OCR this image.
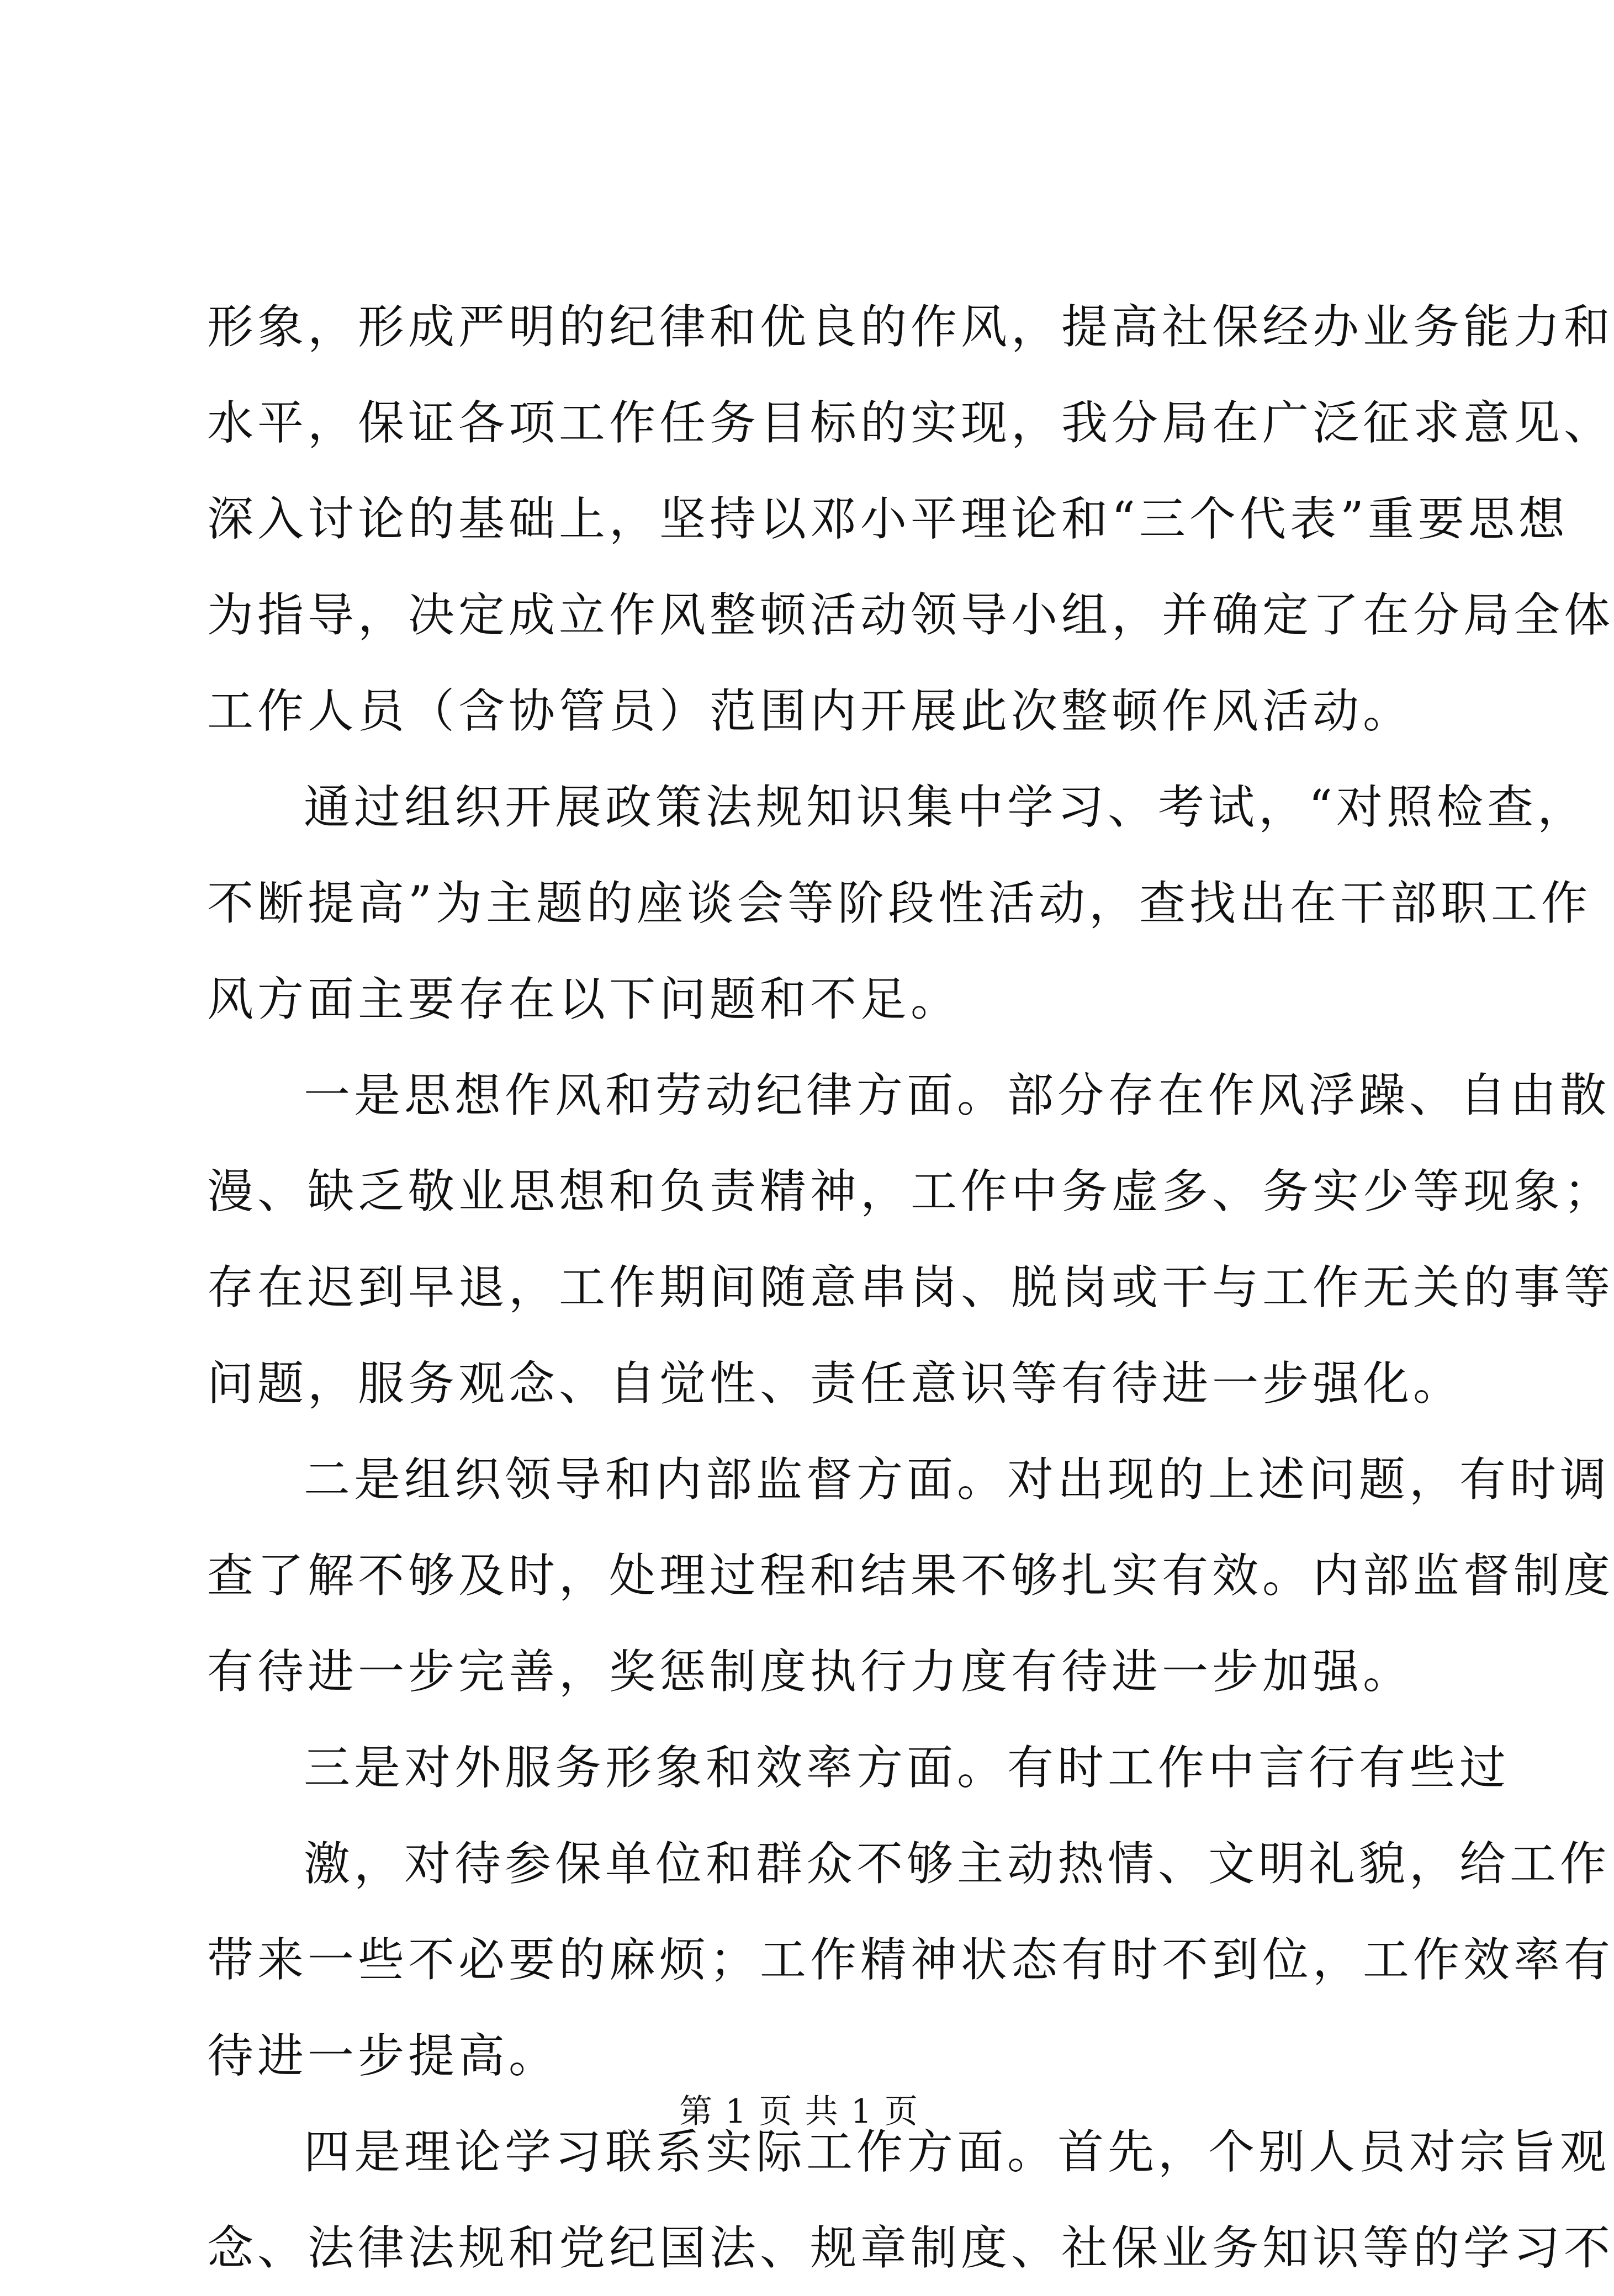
形象，形成严明的纪律和优良的作风，提高社保经办业务能力和
水平，保证各项工作任务目标的实现，我分局在广泛征求意见、
深入讨论的基础上，坚持以邓小平理论和“三个代表”重要思想
为指导，决定成立作风整顿活动领导小组，并确定了在分局全体
工作人员（含协管员）范围内开展此次整顿作风活动。
通过组织开展政策法规知识集中学习、考试，“对照检查，
不断提高”为主题的座谈会等阶段性活动，查找出在干部职工作
风方面主要存在以下问题和不足。
一是思想作风和劳动纪律方面。部分存在作风浮躁、自由散
漫、缺乏敬业思想和负责精神，工作中务虚多、务实少等现象；
存在迟到早退，工作期间随意串岗、脱岗或干与工作无关的事等
问题，服务观念、自觉性、责任意识等有待进一步强化。
二是组织领导和内部监督方面。对出现的上述问题，有时调
查了解不够及时，处理过程和结果不够扎实有效。内部监督制度
有待进一步完善，奖惩制度执行力度有待进一步加强。
三是对外服务形象和效率方面。有时工作中言行有些过
激，对待参保单位和群众不够主动热情、文明礼貌，给工作
带来一些不必要的麻烦；工作精神状态有时不到位，工作效率有
待进一步提高。
四是理论学习联系实际工作方面。首先，个别人员对宗旨观
念、法律法规和党纪国法、规章制度、社保业务知识等的学习不
第 1 页 共 1 页
